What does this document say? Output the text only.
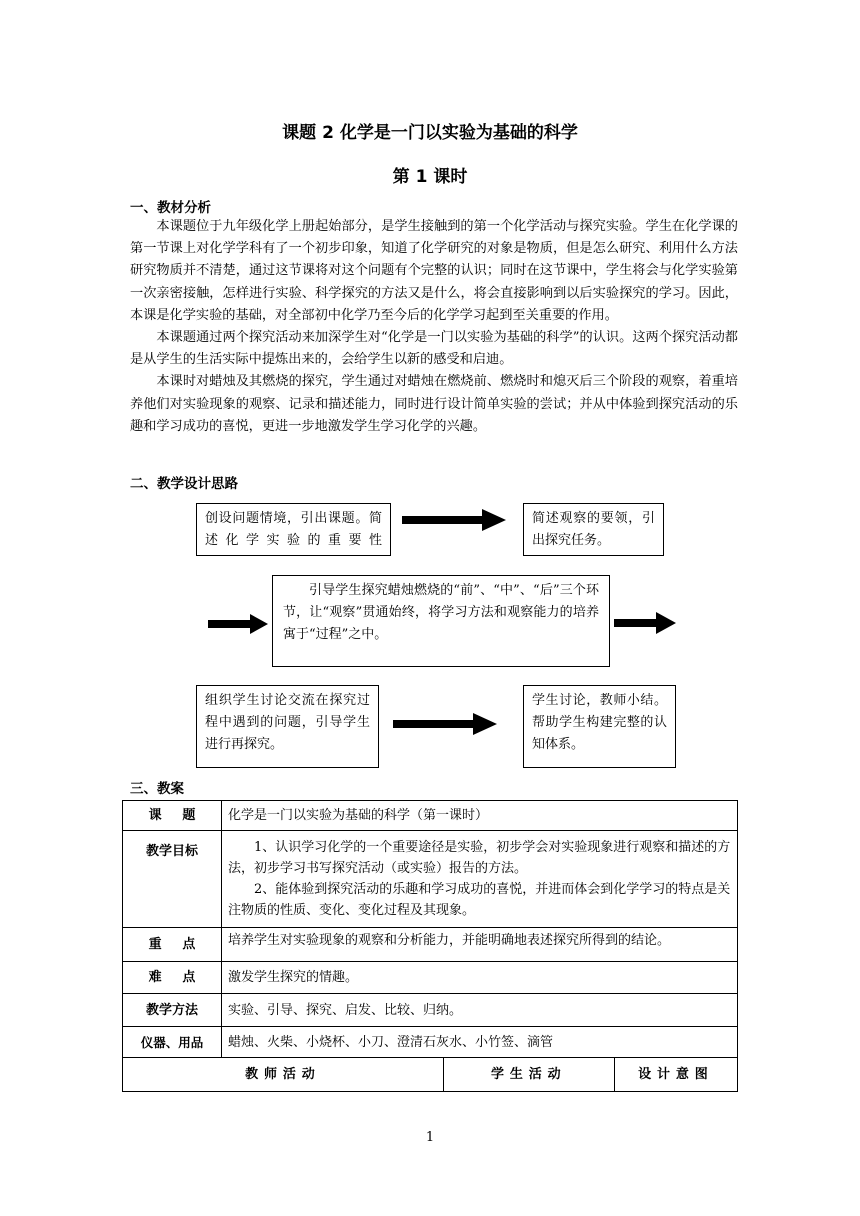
课题 2 化学是一门以实验为基础的科学
第 1 课时
一、教材分析

本课题位于九年级化学上册起始部分，是学生接触到的第一个化学活动与探究实验。学生在化学课的第一节课上对化学学科有了一个初步印象，知道了化学研究的对象是物质，但是怎么研究、利用什么方法研究物质并不清楚，通过这节课将对这个问题有个完整的认识；同时在这节课中，学生将会与化学实验第一次亲密接触，怎样进行实验、科学探究的方法又是什么，将会直接影响到以后实验探究的学习。因此，本课是化学实验的基础，对全部初中化学乃至今后的化学学习起到至关重要的作用。

本课题通过两个探究活动来加深学生对“化学是一门以实验为基础的科学”的认识。这两个探究活动都是从学生的生活实际中提炼出来的，会给学生以新的感受和启迪。

本课时对蜡烛及其燃烧的探究，学生通过对蜡烛在燃烧前、燃烧时和熄灭后三个阶段的观察，着重培养他们对实验现象的观察、记录和描述能力，同时进行设计简单实验的尝试；并从中体验到探究活动的乐趣和学习成功的喜悦，更进一步地激发学生学习化学的兴趣。

二、教学设计思路
创设问题情境，引出课题。简述化学实验的重要性
简述观察的要领，引出探究任务。
引导学生探究蜡烛燃烧的“前”、“中”、“后”三个环节，让“观察”贯通始终，将学习方法和观察能力的培养寓于“过程”之中。
组织学生讨论交流在探究过程中遇到的问题，引导学生进行再探究。
学生讨论，教师小结。帮助学生构建完整的认知体系。
三、教案
课题	化学是一门以实验为基础的科学（第一课时）		
教学目标	1、认识学习化学的一个重要途径是实验，初步学会对实验现象进行观察和描述的方法，初步学习书写探究活动（或实验）报告的方法。

2、能体验到探究活动的乐趣和学习成功的喜悦，并进而体会到化学学习的特点是关注物质的性质、变化、变化过程及其现象。		

重点	培养学生对实验现象的观察和分析能力，并能明确地表述探究所得到的结论。		
难点	激发学生探究的情趣。		
教学方法	实验、引导、探究、启发、比较、归纳。		
仪器、用品	蜡烛、火柴、小烧杯、小刀、澄清石灰水、小竹签、滴管		
教师活动		学生活动	设计意图
1
